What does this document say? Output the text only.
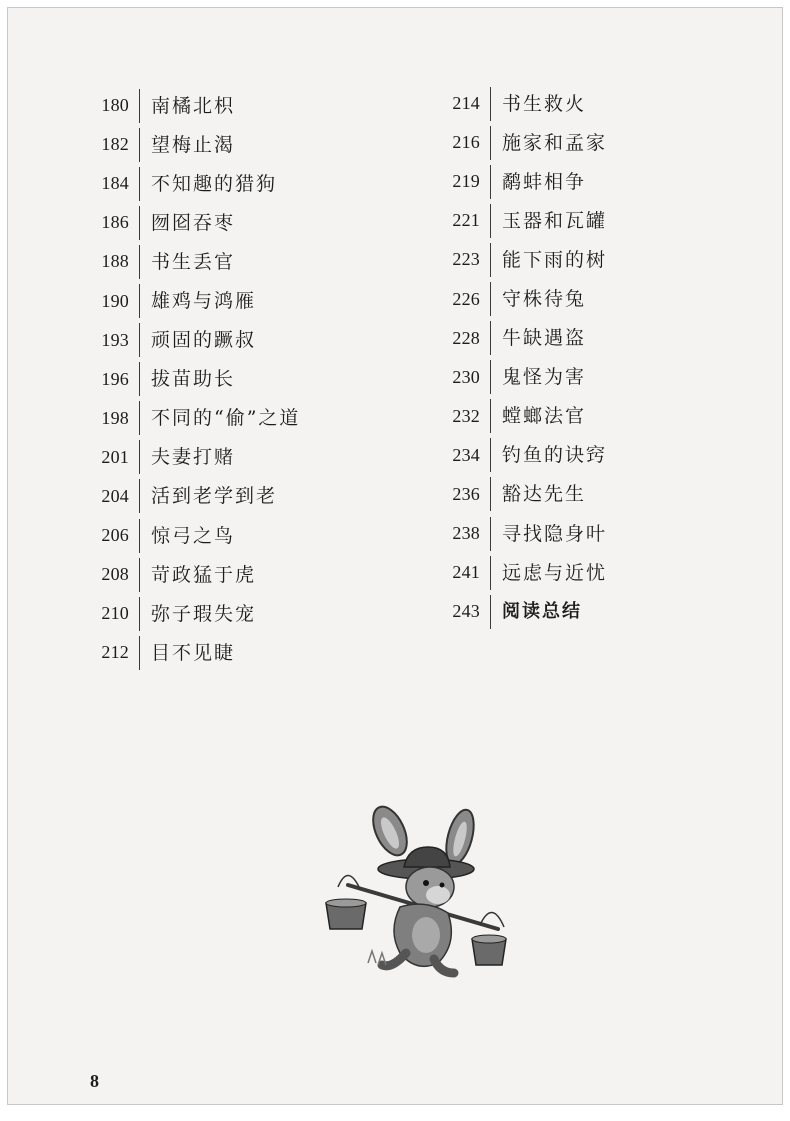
180	南橘北枳
182	望梅止渴
184	不知趣的猎狗
186	囫囵吞枣
188	书生丢官
190	雄鸡与鸿雁
193	顽固的蹶叔
196	拔苗助长
198	不同的“偷”之道
201	夫妻打赌
204	活到老学到老
206	惊弓之鸟
208	苛政猛于虎
210	弥子瑕失宠
212	目不见睫
214	书生救火
216	施家和孟家
219	鹬蚌相争
221	玉器和瓦罐
223	能下雨的树
226	守株待兔
228	牛缺遇盗
230	鬼怪为害
232	螳螂法官
234	钓鱼的诀窍
236	豁达先生
238	寻找隐身叶
241	远虑与近忧
243	阅读总结
8
